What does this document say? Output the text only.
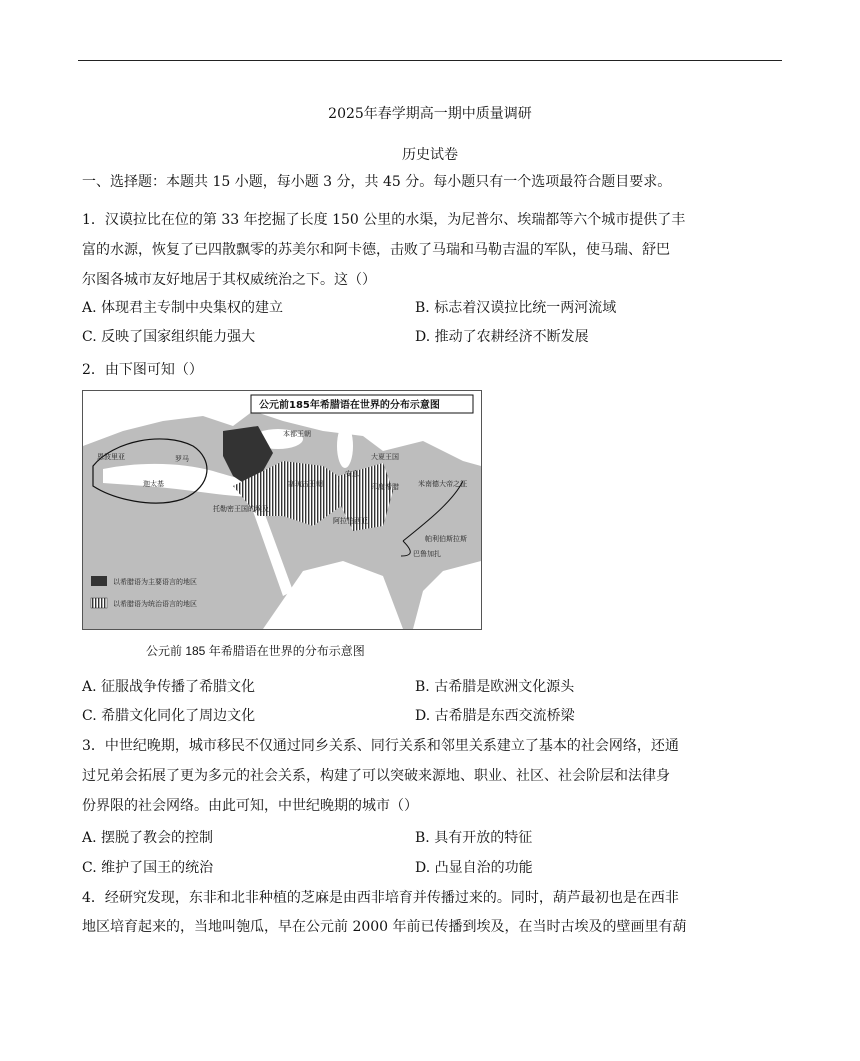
2025年春学期高一期中质量调研
历史试卷
一、选择题：本题共 15 小题，每小题 3 分，共 45 分。每小题只有一个选项最符合题目要求。
1．汉谟拉比在位的第 33 年挖掘了长度 150 公里的水渠，为尼普尔、埃瑞都等六个城市提供了丰
富的水源，恢复了已四散飘零的苏美尔和阿卡德，击败了马瑞和马勒吉温的军队，使马瑞、舒巴
尔图各城市友好地居于其权威统治之下。这（）
A. 体现君主专制中央集权的建立	B. 标志着汉谟拉比统一两河流域
C. 反映了国家组织能力强大	D. 推动了农耕经济不断发展
2．由下图可知（）
公元前185年希腊语在世界的分布示意图
恩波里亚	罗马
迦太基
本都王朝
塞琉古王朝
安息
大夏王国
托勒密王国的埃及
阿拉伯西亚
印度希腊	米南德大帝之征
巴鲁加扎
帕利伯斯拉斯
以希腊语为主要语言的地区
以希腊语为统治语言的地区
公元前 185 年希腊语在世界的分布示意图
A. 征服战争传播了希腊文化	B. 古希腊是欧洲文化源头
C. 希腊文化同化了周边文化	D. 古希腊是东西交流桥梁
3．中世纪晚期，城市移民不仅通过同乡关系、同行关系和邻里关系建立了基本的社会网络，还通
过兄弟会拓展了更为多元的社会关系，构建了可以突破来源地、职业、社区、社会阶层和法律身
份界限的社会网络。由此可知，中世纪晚期的城市（）
A. 摆脱了教会的控制	B. 具有开放的特征
C. 维护了国王的统治	D. 凸显自治的功能
4．经研究发现，东非和北非种植的芝麻是由西非培育并传播过来的。同时，葫芦最初也是在西非
地区培育起来的，当地叫匏瓜，早在公元前 2000 年前已传播到埃及，在当时古埃及的壁画里有葫
